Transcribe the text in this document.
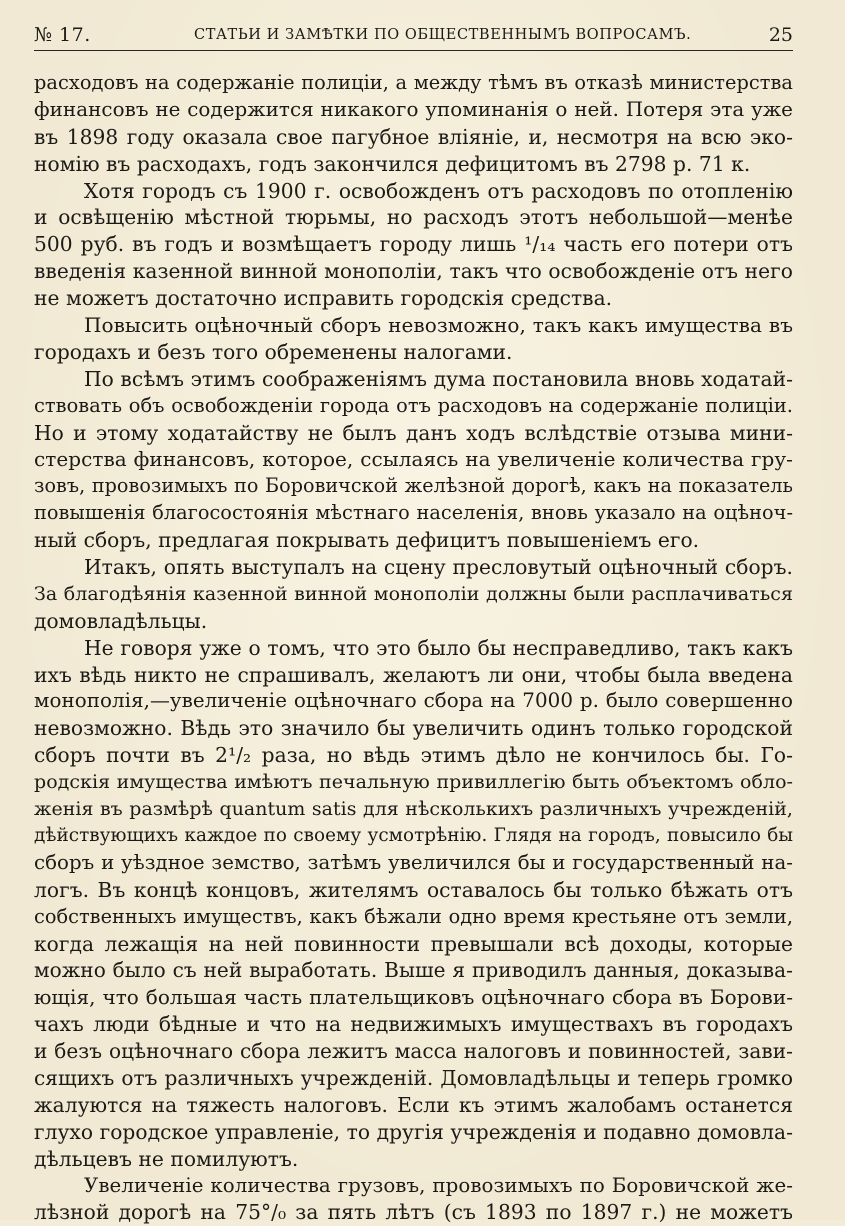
№ 17.	СТАТЬИ И ЗАМѢТКИ ПО ОБЩЕСТВЕННЫМЪ ВОПРОСАМЪ.	25
расходовъ на содержаніе полиціи, а между тѣмъ въ отказѣ министерства
финансовъ не содержится никакого упоминанія о ней. Потеря эта уже
въ 1898 году оказала свое пагубное вліяніе, и, несмотря на всю эко-
номію въ расходахъ, годъ закончился дефицитомъ въ 2798 р. 71 к.
Хотя городъ съ 1900 г. освобожденъ отъ расходовъ по отопленію
и освѣщенію мѣстной тюрьмы, но расходъ этотъ небольшой—менѣе
500 руб. въ годъ и возмѣщаетъ городу лишь ¹/₁₄ часть его потери отъ
введенія казенной винной монополіи, такъ что освобожденіе отъ него
не можетъ достаточно исправить городскія средства.
Повысить оцѣночный сборъ невозможно, такъ какъ имущества въ
городахъ и безъ того обременены налогами.
По всѣмъ этимъ соображеніямъ дума постановила вновь ходатай-
ствовать объ освобожденіи города отъ расходовъ на содержаніе полиціи.
Но и этому ходатайству не былъ данъ ходъ вслѣдствіе отзыва мини-
стерства финансовъ, которое, ссылаясь на увеличеніе количества гру-
зовъ, провозимыхъ по Боровичской желѣзной дорогѣ, какъ на показатель
повышенія благосостоянія мѣстнаго населенія, вновь указало на оцѣноч-
ный сборъ, предлагая покрывать дефицитъ повышеніемъ его.
Итакъ, опять выступалъ на сцену пресловутый оцѣночный сборъ.
За благодѣянія казенной винной монополіи должны были расплачиваться
домовладѣльцы.
Не говоря уже о томъ, что это было бы несправедливо, такъ какъ
ихъ вѣдь никто не спрашивалъ, желаютъ ли они, чтобы была введена
монополія,—увеличеніе оцѣночнаго сбора на 7000 р. было совершенно
невозможно. Вѣдь это значило бы увеличить одинъ только городской
сборъ почти въ 2¹/₂ раза, но вѣдь этимъ дѣло не кончилось бы. Го-
родскія имущества имѣютъ печальную привиллегію быть объектомъ обло-
женія въ размѣрѣ quantum satis для нѣсколькихъ различныхъ учрежденій,
дѣйствующихъ каждое по своему усмотрѣнію. Глядя на городъ, повысило бы
сборъ и уѣздное земство, затѣмъ увеличился бы и государственный на-
логъ. Въ концѣ концовъ, жителямъ оставалось бы только бѣжать отъ
собственныхъ имуществъ, какъ бѣжали одно время крестьяне отъ земли,
когда лежащія на ней повинности превышали всѣ доходы, которые
можно было съ ней выработать. Выше я приводилъ данныя, доказыва-
ющія, что большая часть плательщиковъ оцѣночнаго сбора въ Борови-
чахъ люди бѣдные и что на недвижимыхъ имуществахъ въ городахъ
и безъ оцѣночнаго сбора лежитъ масса налоговъ и повинностей, зави-
сящихъ отъ различныхъ учрежденій. Домовладѣльцы и теперь громко
жалуются на тяжесть налоговъ. Если къ этимъ жалобамъ останется
глухо городское управленіе, то другія учрежденія и подавно домовла-
дѣльцевъ не помилуютъ.
Увеличеніе количества грузовъ, провозимыхъ по Боровичской же-
лѣзной дорогѣ на 75°/₀ за пять лѣтъ (съ 1893 по 1897 г.) не можетъ
